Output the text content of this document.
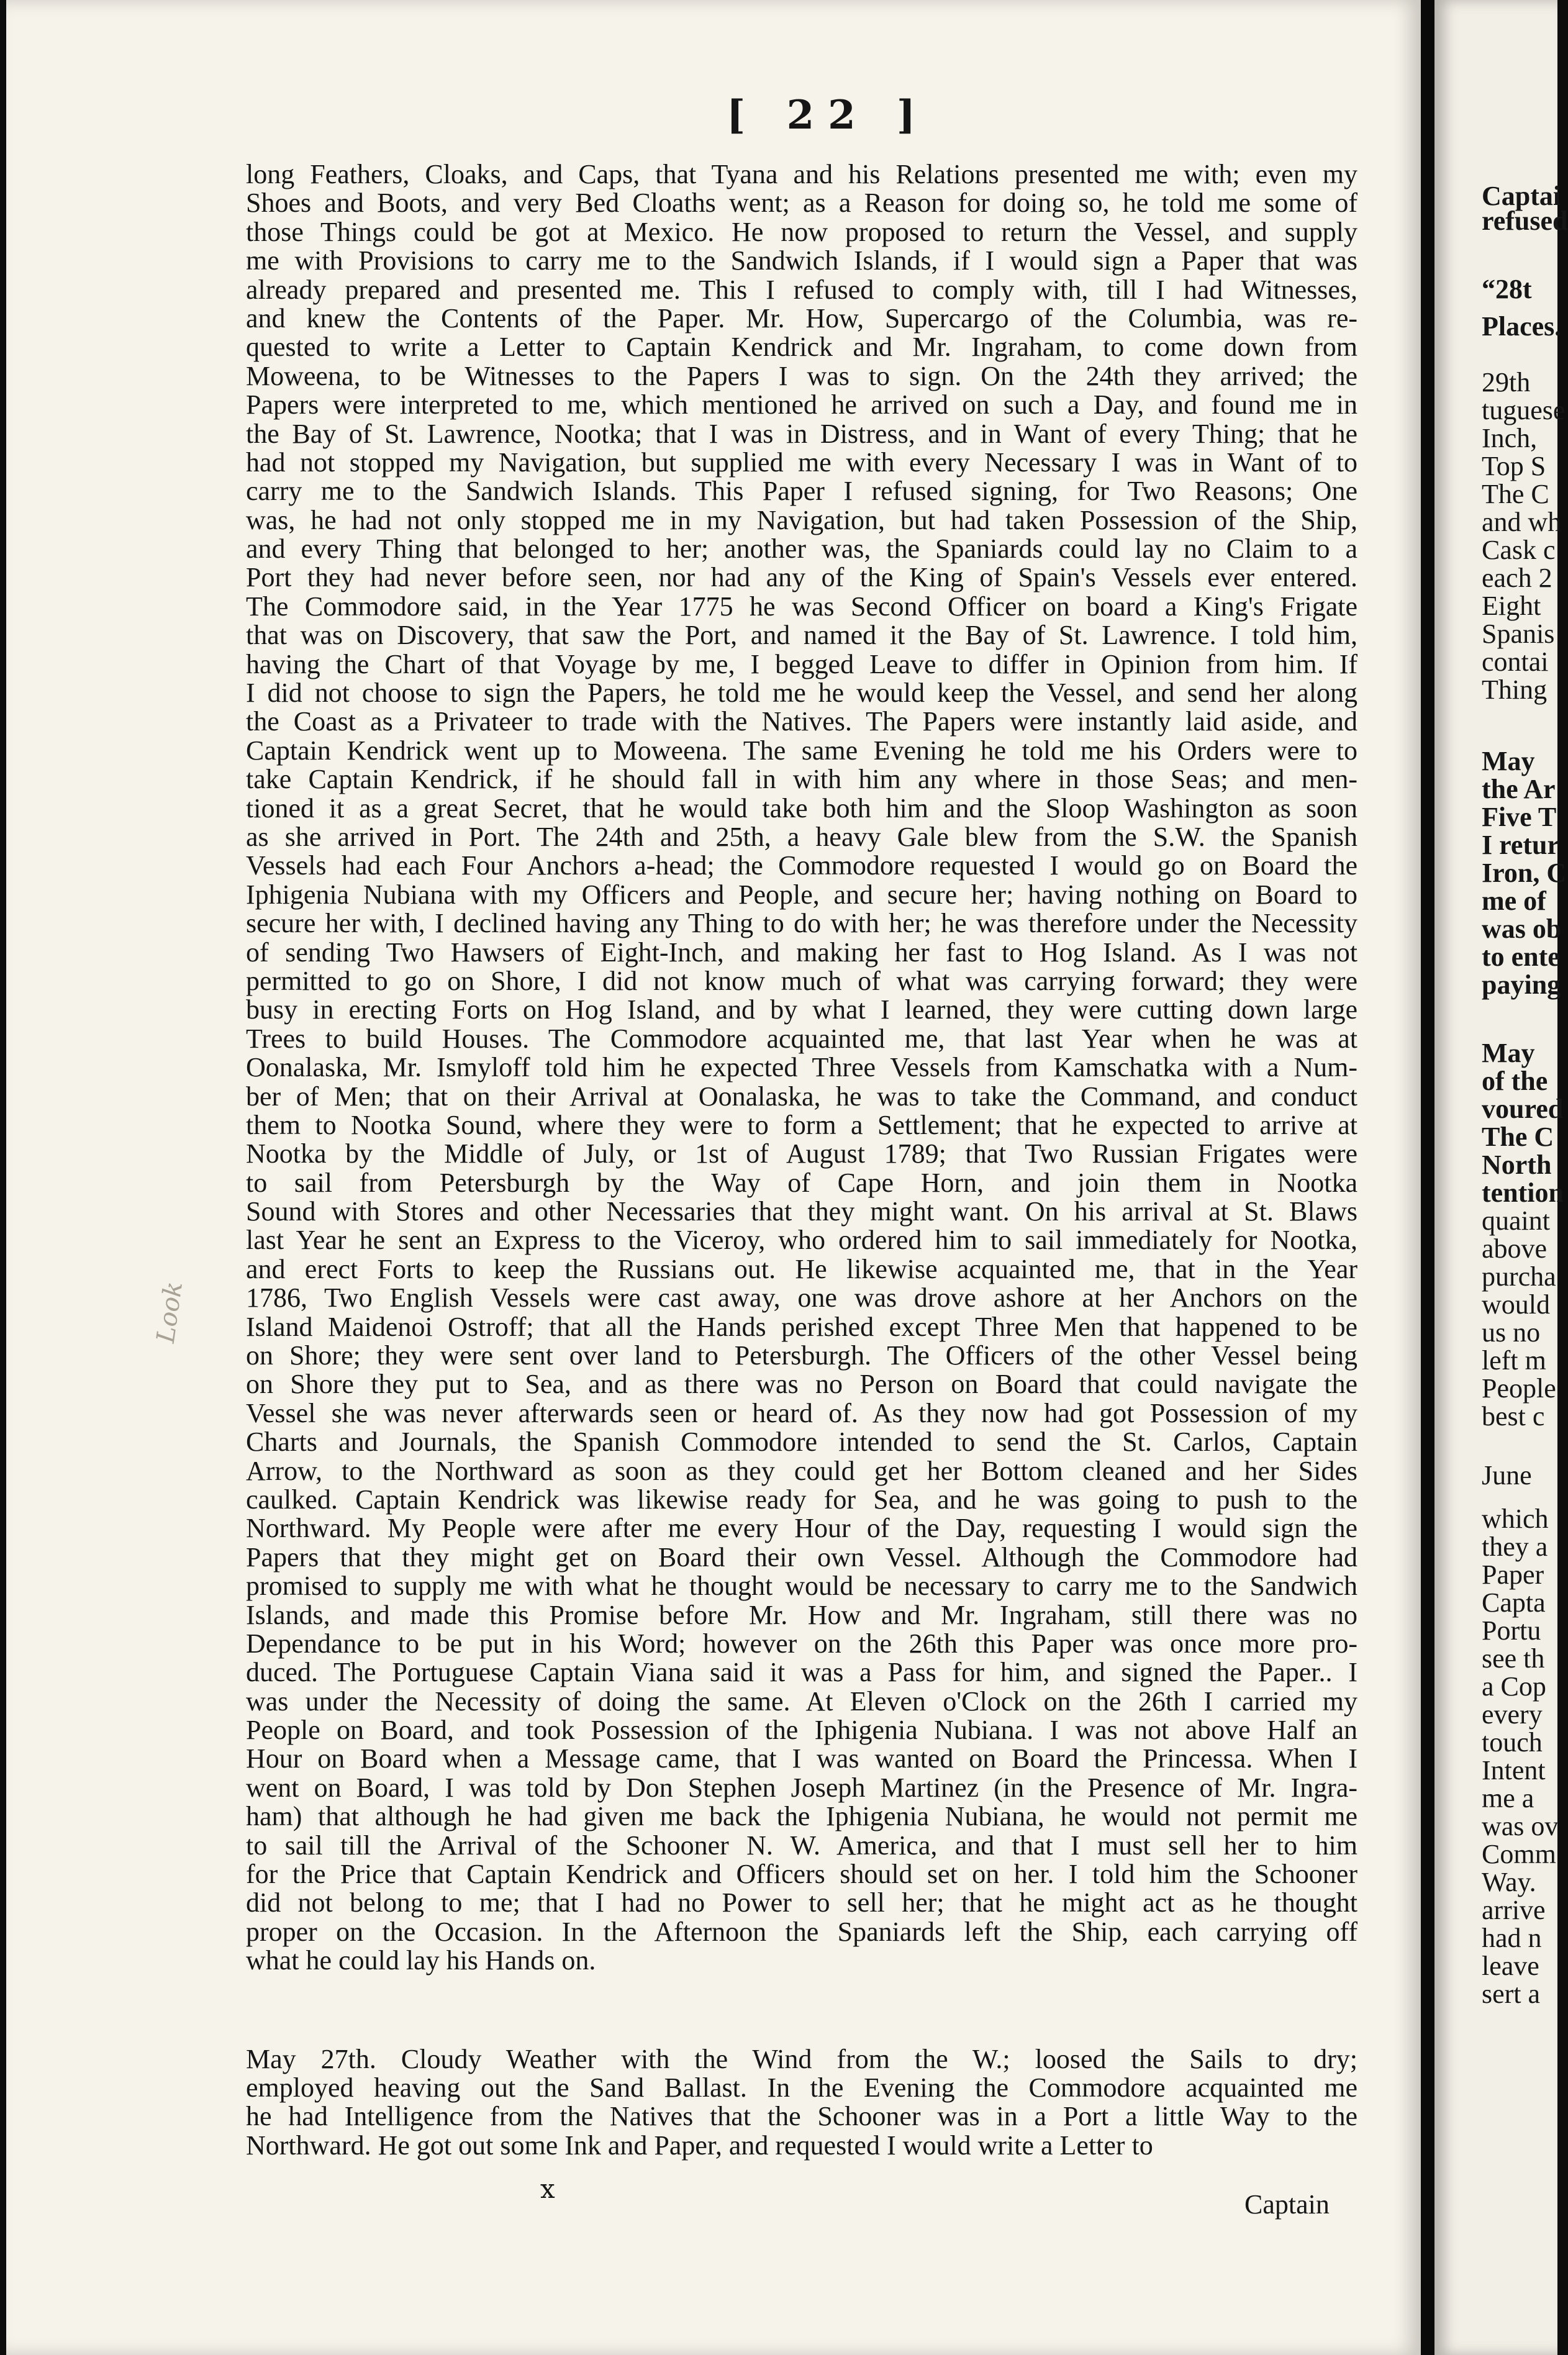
[ 22 ]

long Feathers, Cloaks, and Caps, that Tyana and his Relations presented me with; even my
Shoes and Boots, and very Bed Cloaths went; as a Reason for doing so, he told me some of
those Things could be got at Mexico. He now proposed to return the Vessel, and supply
me with Provisions to carry me to the Sandwich Islands, if I would sign a Paper that was
already prepared and presented me. This I refused to comply with, till I had Witnesses,
and knew the Contents of the Paper. Mr. How, Supercargo of the Columbia, was re-
quested to write a Letter to Captain Kendrick and Mr. Ingraham, to come down from
Moweena, to be Witnesses to the Papers I was to sign. On the 24th they arrived; the
Papers were interpreted to me, which mentioned he arrived on such a Day, and found me in
the Bay of St. Lawrence, Nootka; that I was in Distress, and in Want of every Thing; that he
had not stopped my Navigation, but supplied me with every Necessary I was in Want of to
carry me to the Sandwich Islands. This Paper I refused signing, for Two Reasons; One
was, he had not only stopped me in my Navigation, but had taken Possession of the Ship,
and every Thing that belonged to her; another was, the Spaniards could lay no Claim to a
Port they had never before seen, nor had any of the King of Spain's Vessels ever entered.
The Commodore said, in the Year 1775 he was Second Officer on board a King's Frigate
that was on Discovery, that saw the Port, and named it the Bay of St. Lawrence. I told him,
having the Chart of that Voyage by me, I begged Leave to differ in Opinion from him. If
I did not choose to sign the Papers, he told me he would keep the Vessel, and send her along
the Coast as a Privateer to trade with the Natives. The Papers were instantly laid aside, and
Captain Kendrick went up to Moweena. The same Evening he told me his Orders were to
take Captain Kendrick, if he should fall in with him any where in those Seas; and men-
tioned it as a great Secret, that he would take both him and the Sloop Washington as soon
as she arrived in Port. The 24th and 25th, a heavy Gale blew from the S.W. the Spanish
Vessels had each Four Anchors a-head; the Commodore requested I would go on Board the
Iphigenia Nubiana with my Officers and People, and secure her; having nothing on Board to
secure her with, I declined having any Thing to do with her; he was therefore under the Necessity
of sending Two Hawsers of Eight-Inch, and making her fast to Hog Island. As I was not
permitted to go on Shore, I did not know much of what was carrying forward; they were
busy in erecting Forts on Hog Island, and by what I learned, they were cutting down large
Trees to build Houses. The Commodore acquainted me, that last Year when he was at
Oonalaska, Mr. Ismyloff told him he expected Three Vessels from Kamschatka with a Num-
ber of Men; that on their Arrival at Oonalaska, he was to take the Command, and conduct
them to Nootka Sound, where they were to form a Settlement; that he expected to arrive at
Nootka by the Middle of July, or 1st of August 1789; that Two Russian Frigates were
to sail from Petersburgh by the Way of Cape Horn, and join them in Nootka
Sound with Stores and other Necessaries that they might want. On his arrival at St. Blaws
last Year he sent an Express to the Viceroy, who ordered him to sail immediately for Nootka,
and erect Forts to keep the Russians out. He likewise acquainted me, that in the Year
1786, Two English Vessels were cast away, one was drove ashore at her Anchors on the
Island Maidenoi Ostroff; that all the Hands perished except Three Men that happened to be
on Shore; they were sent over land to Petersburgh. The Officers of the other Vessel being
on Shore they put to Sea, and as there was no Person on Board that could navigate the
Vessel she was never afterwards seen or heard of. As they now had got Possession of my
Charts and Journals, the Spanish Commodore intended to send the St. Carlos, Captain
Arrow, to the Northward as soon as they could get her Bottom cleaned and her Sides
caulked. Captain Kendrick was likewise ready for Sea, and he was going to push to the
Northward. My People were after me every Hour of the Day, requesting I would sign the
Papers that they might get on Board their own Vessel. Although the Commodore had
promised to supply me with what he thought would be necessary to carry me to the Sandwich
Islands, and made this Promise before Mr. How and Mr. Ingraham, still there was no
Dependance to be put in his Word; however on the 26th this Paper was once more pro-
duced. The Portuguese Captain Viana said it was a Pass for him, and signed the Paper.. I
was under the Necessity of doing the same. At Eleven o'Clock on the 26th I carried my
People on Board, and took Possession of the Iphigenia Nubiana. I was not above Half an
Hour on Board when a Message came, that I was wanted on Board the Princessa. When I
went on Board, I was told by Don Stephen Joseph Martinez (in the Presence of Mr. Ingra-
ham) that although he had given me back the Iphigenia Nubiana, he would not permit me
to sail till the Arrival of the Schooner N. W. America, and that I must sell her to him
for the Price that Captain Kendrick and Officers should set on her. I told him the Schooner
did not belong to me; that I had no Power to sell her; that he might act as he thought
proper on the Occasion. In the Afternoon the Spaniards left the Ship, each carrying off
what he could lay his Hands on.
May 27th. Cloudy Weather with the Wind from the W.; loosed the Sails to dry;
employed heaving out the Sand Ballast. In the Evening the Commodore acquainted me
he had Intelligence from the Natives that the Schooner was in a Port a little Way to the
Northward. He got out some Ink and Paper, and requested I would write a Letter to

Look

x

Captain

Captai

refused

“28t

Places.

29th

tuguese

Inch,

Top S

The C

and wh

Cask c

each 2

Eight

Spanis

contai

Thing

May

the Ar

Five T

I retur

Iron, C

me of

was ob

to ente

paying

May

of the

voured

The C

North

tention

quaint

above

purcha

would

us no

left m

People

best c

June

which

they a

Paper

Capta

Portu

see th

a Cop

every

touch

Intent

me a

was ov

Comm

Way.

arrive

had n

leave

sert a
